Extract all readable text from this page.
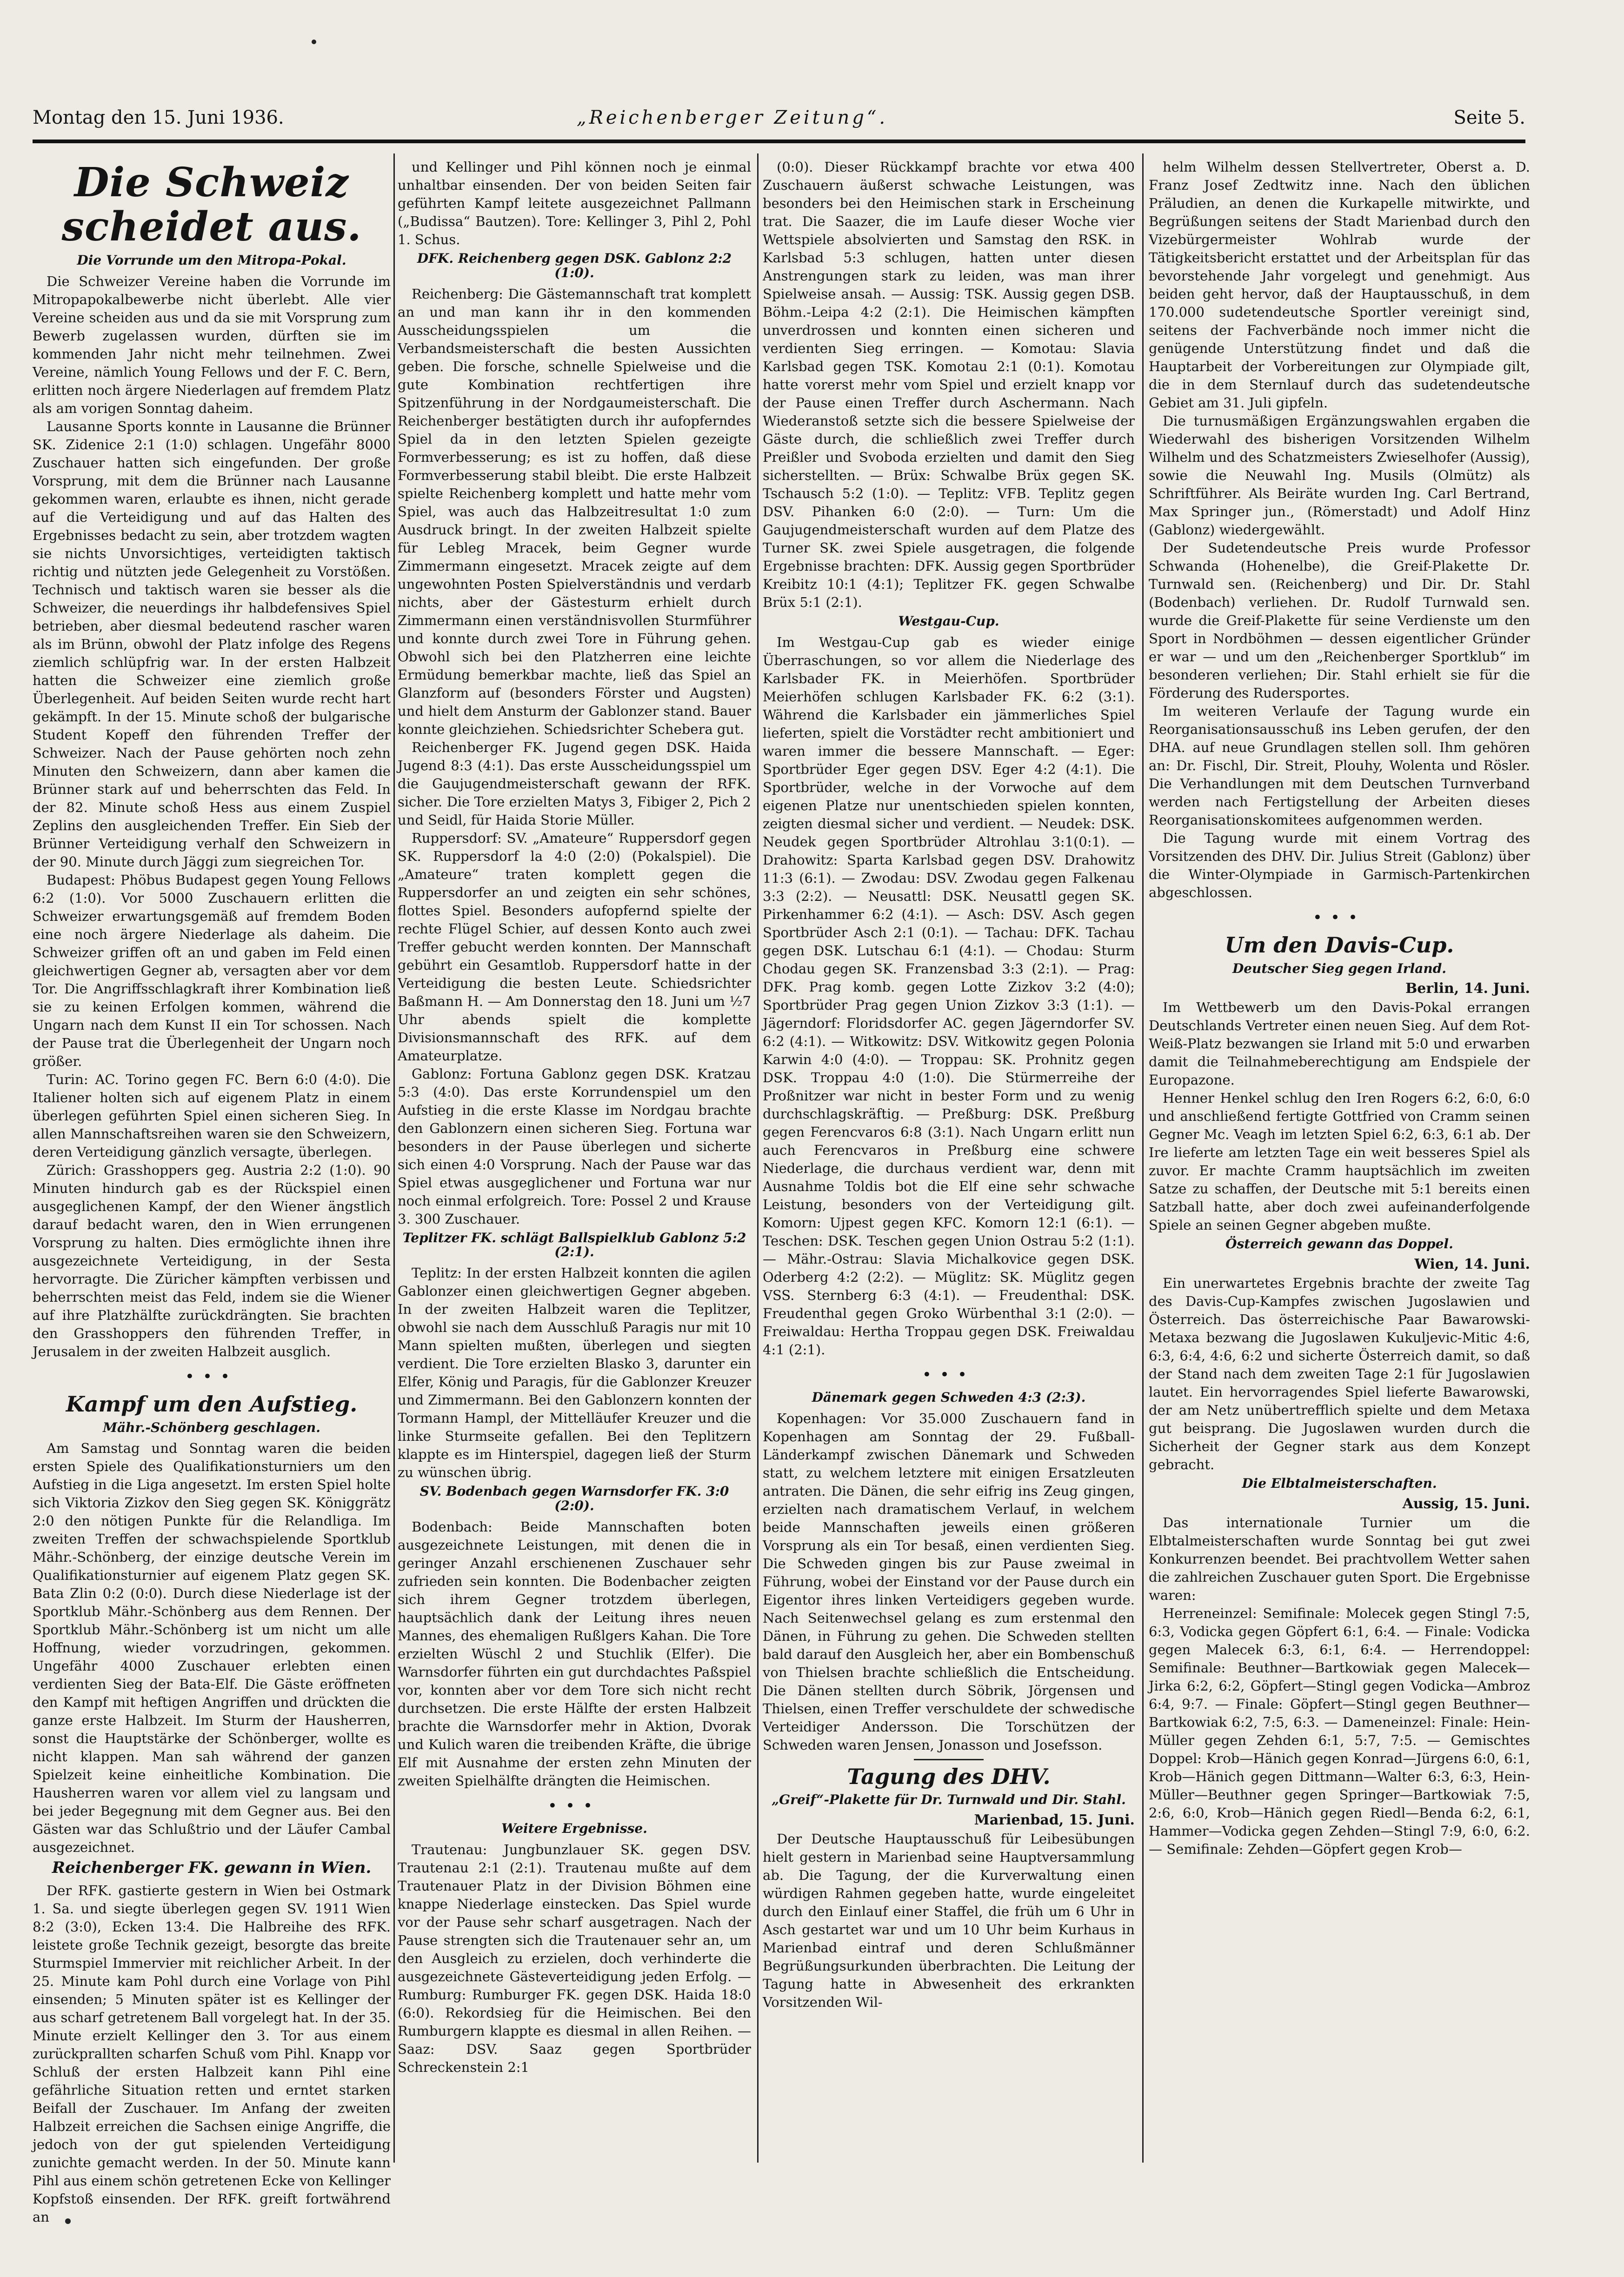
Montag den 15. Juni 1936.	„Reichenberger Zeitung“.	Seite 5.
Die Schweiz scheidet aus.
Die Vorrunde um den Mitropa-Pokal.

Die Schweizer Vereine haben die Vorrunde im Mitropapokalbewerbe nicht überlebt. Alle vier Vereine scheiden aus und da sie mit Vorsprung zum Bewerb zugelassen wurden, dürften sie im kommenden Jahr nicht mehr teilnehmen. Zwei Vereine, nämlich Young Fellows und der F. C. Bern, erlitten noch ärgere Niederlagen auf fremdem Platz als am vorigen Sonntag daheim.

Lausanne Sports konnte in Lausanne die Brünner SK. Zidenice 2:1 (1:0) schlagen. Ungefähr 8000 Zuschauer hatten sich eingefunden. Der große Vorsprung, mit dem die Brünner nach Lausanne gekommen waren, erlaubte es ihnen, nicht gerade auf die Verteidigung und auf das Halten des Ergebnisses bedacht zu sein, aber trotzdem wagten sie nichts Unvorsichtiges, verteidigten taktisch richtig und nützten jede Gelegenheit zu Vorstößen. Technisch und taktisch waren sie besser als die Schweizer, die neuerdings ihr halbdefensives Spiel betrieben, aber diesmal bedeutend rascher waren als im Brünn, obwohl der Platz infolge des Regens ziemlich schlüpfrig war. In der ersten Halbzeit hatten die Schweizer eine ziemlich große Überlegenheit. Auf beiden Seiten wurde recht hart gekämpft. In der 15. Minute schoß der bulgarische Student Kopeff den führenden Treffer der Schweizer. Nach der Pause gehörten noch zehn Minuten den Schweizern, dann aber kamen die Brünner stark auf und beherrschten das Feld. In der 82. Minute schoß Hess aus einem Zuspiel Zeplins den ausgleichenden Treffer. Ein Sieb der Brünner Verteidigung verhalf den Schweizern in der 90. Minute durch Jäggi zum siegreichen Tor.

Budapest: Phöbus Budapest gegen Young Fellows 6:2 (1:0). Vor 5000 Zuschauern erlitten die Schweizer erwartungsgemäß auf fremdem Boden eine noch ärgere Niederlage als daheim. Die Schweizer griffen oft an und gaben im Feld einen gleichwertigen Gegner ab, versagten aber vor dem Tor. Die Angriffsschlagkraft ihrer Kombination ließ sie zu keinen Erfolgen kommen, während die Ungarn nach dem Kunst II ein Tor schossen. Nach der Pause trat die Überlegenheit der Ungarn noch größer.

Turin: AC. Torino gegen FC. Bern 6:0 (4:0). Die Italiener holten sich auf eigenem Platz in einem überlegen geführten Spiel einen sicheren Sieg. In allen Mannschaftsreihen waren sie den Schweizern, deren Verteidigung gänzlich versagte, überlegen.

Zürich: Grasshoppers geg. Austria 2:2 (1:0). 90 Minuten hindurch gab es der Rückspiel einen ausgeglichenen Kampf, der den Wiener ängstlich darauf bedacht waren, den in Wien errungenen Vorsprung zu halten. Dies ermöglichte ihnen ihre ausgezeichnete Verteidigung, in der Sesta hervorragte. Die Züricher kämpften verbissen und beherrschten meist das Feld, indem sie die Wiener auf ihre Platzhälfte zurückdrängten. Sie brachten den Grasshoppers den führenden Treffer, in Jerusalem in der zweiten Halbzeit ausglich.

•••
Kampf um den Aufstieg.
Mähr.-Schönberg geschlagen.

Am Samstag und Sonntag waren die beiden ersten Spiele des Qualifikationsturniers um den Aufstieg in die Liga angesetzt. Im ersten Spiel holte sich Viktoria Zizkov den Sieg gegen SK. Königgrätz 2:0 den nötigen Punkte für die Relandliga. Im zweiten Treffen der schwachspielende Sportklub Mähr.-Schönberg, der einzige deutsche Verein im Qualifikationsturnier auf eigenem Platz gegen SK. Bata Zlin 0:2 (0:0). Durch diese Niederlage ist der Sportklub Mähr.-Schönberg aus dem Rennen. Der Sportklub Mähr.-Schönberg ist um nicht um alle Hoffnung, wieder vorzudringen, gekommen. Ungefähr 4000 Zuschauer erlebten einen verdienten Sieg der Bata-Elf. Die Gäste eröffneten den Kampf mit heftigen Angriffen und drückten die ganze erste Halbzeit. Im Sturm der Hausherren, sonst die Hauptstärke der Schönberger, wollte es nicht klappen. Man sah während der ganzen Spielzeit keine einheitliche Kombination. Die Hausherren waren vor allem viel zu langsam und bei jeder Begegnung mit dem Gegner aus. Bei den Gästen war das Schlußtrio und der Läufer Cambal ausgezeichnet.

Reichenberger FK. gewann in Wien.

Der RFK. gastierte gestern in Wien bei Ostmark 1. Sa. und siegte überlegen gegen SV. 1911 Wien 8:2 (3:0), Ecken 13:4. Die Halbreihe des RFK. leistete große Technik gezeigt, besorgte das breite Sturmspiel Immervier mit reichlicher Arbeit. In der 25. Minute kam Pohl durch eine Vorlage von Pihl einsenden; 5 Minuten später ist es Kellinger der aus scharf getretenem Ball vorgelegt hat. In der 35. Minute erzielt Kellinger den 3. Tor aus einem zurückprallten scharfen Schuß vom Pihl. Knapp vor Schluß der ersten Halbzeit kann Pihl eine gefährliche Situation retten und erntet starken Beifall der Zuschauer. Im Anfang der zweiten Halbzeit erreichen die Sachsen einige Angriffe, die jedoch von der gut spielenden Verteidigung zunichte gemacht werden. In der 50. Minute kann Pihl aus einem schön getretenen Ecke von Kellinger Kopfstoß einsenden. Der RFK. greift fortwährend an

und Kellinger und Pihl können noch je einmal unhaltbar einsenden. Der von beiden Seiten fair geführten Kampf leitete ausgezeichnet Pallmann („Budissa“ Bautzen). Tore: Kellinger 3, Pihl 2, Pohl 1. Schus.

DFK. Reichenberg gegen DSK. Gablonz 2:2 (1:0).

Reichenberg: Die Gästemannschaft trat komplett an und man kann ihr in den kommenden Ausscheidungsspielen um die Verbandsmeisterschaft die besten Aussichten geben. Die forsche, schnelle Spielweise und die gute Kombination rechtfertigen ihre Spitzenführung in der Nordgaumeisterschaft. Die Reichenberger bestätigten durch ihr aufopferndes Spiel da in den letzten Spielen gezeigte Formverbesserung; es ist zu hoffen, daß diese Formverbesserung stabil bleibt. Die erste Halbzeit spielte Reichenberg komplett und hatte mehr vom Spiel, was auch das Halbzeitresultat 1:0 zum Ausdruck bringt. In der zweiten Halbzeit spielte für Lebleg Mracek, beim Gegner wurde Zimmermann eingesetzt. Mracek zeigte auf dem ungewohnten Posten Spielverständnis und verdarb nichts, aber der Gästesturm erhielt durch Zimmermann einen verständnisvollen Sturmführer und konnte durch zwei Tore in Führung gehen. Obwohl sich bei den Platzherren eine leichte Ermüdung bemerkbar machte, ließ das Spiel an Glanzform auf (besonders Förster und Augsten) und hielt dem Ansturm der Gablonzer stand. Bauer konnte gleichziehen. Schiedsrichter Schebera gut.

Reichenberger FK. Jugend gegen DSK. Haida Jugend 8:3 (4:1). Das erste Ausscheidungsspiel um die Gaujugendmeisterschaft gewann der RFK. sicher. Die Tore erzielten Matys 3, Fibiger 2, Pich 2 und Seidl, für Haida Storie Müller.

Ruppersdorf: SV. „Amateure“ Ruppersdorf gegen SK. Ruppersdorf la 4:0 (2:0) (Pokalspiel). Die „Amateure“ traten komplett gegen die Ruppersdorfer an und zeigten ein sehr schönes, flottes Spiel. Besonders aufopfernd spielte der rechte Flügel Schier, auf dessen Konto auch zwei Treffer gebucht werden konnten. Der Mannschaft gebührt ein Gesamtlob. Ruppersdorf hatte in der Verteidigung die besten Leute. Schiedsrichter Baßmann H. — Am Donnerstag den 18. Juni um ½7 Uhr abends spielt die komplette Divisionsmannschaft des RFK. auf dem Amateurplatze.

Gablonz: Fortuna Gablonz gegen DSK. Kratzau 5:3 (4:0). Das erste Korrundenspiel um den Aufstieg in die erste Klasse im Nordgau brachte den Gablonzern einen sicheren Sieg. Fortuna war besonders in der Pause überlegen und sicherte sich einen 4:0 Vorsprung. Nach der Pause war das Spiel etwas ausgeglichener und Fortuna war nur noch einmal erfolgreich. Tore: Possel 2 und Krause 3. 300 Zuschauer.

Teplitzer FK. schlägt Ballspielklub Gablonz 5:2 (2:1).

Teplitz: In der ersten Halbzeit konnten die agilen Gablonzer einen gleichwertigen Gegner abgeben. In der zweiten Halbzeit waren die Teplitzer, obwohl sie nach dem Ausschluß Paragis nur mit 10 Mann spielten mußten, überlegen und siegten verdient. Die Tore erzielten Blasko 3, darunter ein Elfer, König und Paragis, für die Gablonzer Kreuzer und Zimmermann. Bei den Gablonzern konnten der Tormann Hampl, der Mittelläufer Kreuzer und die linke Sturmseite gefallen. Bei den Teplitzern klappte es im Hinterspiel, dagegen ließ der Sturm zu wünschen übrig.

SV. Bodenbach gegen Warnsdorfer FK. 3:0 (2:0).

Bodenbach: Beide Mannschaften boten ausgezeichnete Leistungen, mit denen die in geringer Anzahl erschienenen Zuschauer sehr zufrieden sein konnten. Die Bodenbacher zeigten sich ihrem Gegner trotzdem überlegen, hauptsächlich dank der Leitung ihres neuen Mannes, des ehemaligen Rußlgers Kahan. Die Tore erzielten Wüschl 2 und Stuchlik (Elfer). Die Warnsdorfer führten ein gut durchdachtes Paßspiel vor, konnten aber vor dem Tore sich nicht recht durchsetzen. Die erste Hälfte der ersten Halbzeit brachte die Warnsdorfer mehr in Aktion, Dvorak und Kulich waren die treibenden Kräfte, die übrige Elf mit Ausnahme der ersten zehn Minuten der zweiten Spielhälfte drängten die Heimischen.

•••
Weitere Ergebnisse.

Trautenau: Jungbunzlauer SK. gegen DSV. Trautenau 2:1 (2:1). Trautenau mußte auf dem Trautenauer Platz in der Division Böhmen eine knappe Niederlage einstecken. Das Spiel wurde vor der Pause sehr scharf ausgetragen. Nach der Pause strengten sich die Trautenauer sehr an, um den Ausgleich zu erzielen, doch verhinderte die ausgezeichnete Gästeverteidigung jeden Erfolg. — Rumburg: Rumburger FK. gegen DSK. Haida 18:0 (6:0). Rekordsieg für die Heimischen. Bei den Rumburgern klappte es diesmal in allen Reihen. — Saaz: DSV. Saaz gegen Sportbrüder Schreckenstein 2:1

(0:0). Dieser Rückkampf brachte vor etwa 400 Zuschauern äußerst schwache Leistungen, was besonders bei den Heimischen stark in Erscheinung trat. Die Saazer, die im Laufe dieser Woche vier Wettspiele absolvierten und Samstag den RSK. in Karlsbad 5:3 schlugen, hatten unter diesen Anstrengungen stark zu leiden, was man ihrer Spielweise ansah. — Aussig: TSK. Aussig gegen DSB. Böhm.-Leipa 4:2 (2:1). Die Heimischen kämpften unverdrossen und konnten einen sicheren und verdienten Sieg erringen. — Komotau: Slavia Karlsbad gegen TSK. Komotau 2:1 (0:1). Komotau hatte vorerst mehr vom Spiel und erzielt knapp vor der Pause einen Treffer durch Aschermann. Nach Wiederanstoß setzte sich die bessere Spielweise der Gäste durch, die schließlich zwei Treffer durch Preißler und Svoboda erzielten und damit den Sieg sicherstellten. — Brüx: Schwalbe Brüx gegen SK. Tschausch 5:2 (1:0). — Teplitz: VFB. Teplitz gegen DSV. Pihanken 6:0 (2:0). — Turn: Um die Gaujugendmeisterschaft wurden auf dem Platze des Turner SK. zwei Spiele ausgetragen, die folgende Ergebnisse brachten: DFK. Aussig gegen Sportbrüder Kreibitz 10:1 (4:1); Teplitzer FK. gegen Schwalbe Brüx 5:1 (2:1).

Westgau-Cup.

Im Westgau-Cup gab es wieder einige Überraschungen, so vor allem die Niederlage des Karlsbader FK. in Meierhöfen. Sportbrüder Meierhöfen schlugen Karlsbader FK. 6:2 (3:1). Während die Karlsbader ein jämmerliches Spiel lieferten, spielt die Vorstädter recht ambitioniert und waren immer die bessere Mannschaft. — Eger: Sportbrüder Eger gegen DSV. Eger 4:2 (4:1). Die Sportbrüder, welche in der Vorwoche auf dem eigenen Platze nur unentschieden spielen konnten, zeigten diesmal sicher und verdient. — Neudek: DSK. Neudek gegen Sportbrüder Altrohlau 3:1(0:1). — Drahowitz: Sparta Karlsbad gegen DSV. Drahowitz 11:3 (6:1). — Zwodau: DSV. Zwodau gegen Falkenau 3:3 (2:2). — Neusattl: DSK. Neusattl gegen SK. Pirkenhammer 6:2 (4:1). — Asch: DSV. Asch gegen Sportbrüder Asch 2:1 (0:1). — Tachau: DFK. Tachau gegen DSK. Lutschau 6:1 (4:1). — Chodau: Sturm Chodau gegen SK. Franzensbad 3:3 (2:1). — Prag: DFK. Prag komb. gegen Lotte Zizkov 3:2 (4:0); Sportbrüder Prag gegen Union Zizkov 3:3 (1:1). — Jägerndorf: Floridsdorfer AC. gegen Jägerndorfer SV. 6:2 (4:1). — Witkowitz: DSV. Witkowitz gegen Polonia Karwin 4:0 (4:0). — Troppau: SK. Prohnitz gegen DSK. Troppau 4:0 (1:0). Die Stürmerreihe der Proßnitzer war nicht in bester Form und zu wenig durchschlagskräftig. — Preßburg: DSK. Preßburg gegen Ferencvaros 6:8 (3:1). Nach Ungarn erlitt nun auch Ferencvaros in Preßburg eine schwere Niederlage, die durchaus verdient war, denn mit Ausnahme Toldis bot die Elf eine sehr schwache Leistung, besonders von der Verteidigung gilt. Komorn: Ujpest gegen KFC. Komorn 12:1 (6:1). — Teschen: DSK. Teschen gegen Union Ostrau 5:2 (1:1). — Mähr.-Ostrau: Slavia Michalkovice gegen DSK. Oderberg 4:2 (2:2). — Müglitz: SK. Müglitz gegen VSS. Sternberg 6:3 (4:1). — Freudenthal: DSK. Freudenthal gegen Groko Würbenthal 3:1 (2:0). — Freiwaldau: Hertha Troppau gegen DSK. Freiwaldau 4:1 (2:1).

•••
Dänemark gegen Schweden 4:3 (2:3).

Kopenhagen: Vor 35.000 Zuschauern fand in Kopenhagen am Sonntag der 29. Fußball-Länderkampf zwischen Dänemark und Schweden statt, zu welchem letztere mit einigen Ersatzleuten antraten. Die Dänen, die sehr eifrig ins Zeug gingen, erzielten nach dramatischem Verlauf, in welchem beide Mannschaften jeweils einen größeren Vorsprung als ein Tor besaß, einen verdienten Sieg. Die Schweden gingen bis zur Pause zweimal in Führung, wobei der Einstand vor der Pause durch ein Eigentor ihres linken Verteidigers gegeben wurde. Nach Seitenwechsel gelang es zum erstenmal den Dänen, in Führung zu gehen. Die Schweden stellten bald darauf den Ausgleich her, aber ein Bombenschuß von Thielsen brachte schließlich die Entscheidung. Die Dänen stellten durch Söbrik, Jörgensen und Thielsen, einen Treffer verschuldete der schwedische Verteidiger Andersson. Die Torschützen der Schweden waren Jensen, Jonasson und Josefsson.

Tagung des DHV.
„Greif“-Plakette für Dr. Turnwald und Dir. Stahl.
Marienbad, 15. Juni.

Der Deutsche Hauptausschuß für Leibesübungen hielt gestern in Marienbad seine Hauptversammlung ab. Die Tagung, der die Kurverwaltung einen würdigen Rahmen gegeben hatte, wurde eingeleitet durch den Einlauf einer Staffel, die früh um 6 Uhr in Asch gestartet war und um 10 Uhr beim Kurhaus in Marienbad eintraf und deren Schlußmänner Begrüßungsurkunden überbrachten. Die Leitung der Tagung hatte in Abwesenheit des erkrankten Vorsitzenden Wil-

helm Wilhelm dessen Stellvertreter, Oberst a. D. Franz Josef Zedtwitz inne. Nach den üblichen Präludien, an denen die Kurkapelle mitwirkte, und Begrüßungen seitens der Stadt Marienbad durch den Vizebürgermeister Wohlrab wurde der Tätigkeitsbericht erstattet und der Arbeitsplan für das bevorstehende Jahr vorgelegt und genehmigt. Aus beiden geht hervor, daß der Hauptausschuß, in dem 170.000 sudetendeutsche Sportler vereinigt sind, seitens der Fachverbände noch immer nicht die genügende Unterstützung findet und daß die Hauptarbeit der Vorbereitungen zur Olympiade gilt, die in dem Sternlauf durch das sudetendeutsche Gebiet am 31. Juli gipfeln.

Die turnusmäßigen Ergänzungswahlen ergaben die Wiederwahl des bisherigen Vorsitzenden Wilhelm Wilhelm und des Schatzmeisters Zwieselhofer (Aussig), sowie die Neuwahl Ing. Musils (Olmütz) als Schriftführer. Als Beiräte wurden Ing. Carl Bertrand, Max Springer jun., (Römerstadt) und Adolf Hinz (Gablonz) wiedergewählt.

Der Sudetendeutsche Preis wurde Professor Schwanda (Hohenelbe), die Greif-Plakette Dr. Turnwald sen. (Reichenberg) und Dir. Dr. Stahl (Bodenbach) verliehen. Dr. Rudolf Turnwald sen. wurde die Greif-Plakette für seine Verdienste um den Sport in Nordböhmen — dessen eigentlicher Gründer er war — und um den „Reichenberger Sportklub“ im besonderen verliehen; Dir. Stahl erhielt sie für die Förderung des Rudersportes.

Im weiteren Verlaufe der Tagung wurde ein Reorganisationsausschuß ins Leben gerufen, der den DHA. auf neue Grundlagen stellen soll. Ihm gehören an: Dr. Fischl, Dir. Streit, Plouhy, Wolenta und Rösler. Die Verhandlungen mit dem Deutschen Turnverband werden nach Fertigstellung der Arbeiten dieses Reorganisationskomitees aufgenommen werden.

Die Tagung wurde mit einem Vortrag des Vorsitzenden des DHV. Dir. Julius Streit (Gablonz) über die Winter-Olympiade in Garmisch-Partenkirchen abgeschlossen.

•••
Um den Davis-Cup.
Deutscher Sieg gegen Irland.
Berlin, 14. Juni.

Im Wettbewerb um den Davis-Pokal errangen Deutschlands Vertreter einen neuen Sieg. Auf dem Rot-Weiß-Platz bezwangen sie Irland mit 5:0 und erwarben damit die Teilnahmeberechtigung am Endspiele der Europazone.

Henner Henkel schlug den Iren Rogers 6:2, 6:0, 6:0 und anschließend fertigte Gottfried von Cramm seinen Gegner Mc. Veagh im letzten Spiel 6:2, 6:3, 6:1 ab. Der Ire lieferte am letzten Tage ein weit besseres Spiel als zuvor. Er machte Cramm hauptsächlich im zweiten Satze zu schaffen, der Deutsche mit 5:1 bereits einen Satzball hatte, aber doch zwei aufeinanderfolgende Spiele an seinen Gegner abgeben mußte.

Österreich gewann das Doppel.
Wien, 14. Juni.

Ein unerwartetes Ergebnis brachte der zweite Tag des Davis-Cup-Kampfes zwischen Jugoslawien und Österreich. Das österreichische Paar Bawarowski-Metaxa bezwang die Jugoslawen Kukuljevic-Mitic 4:6, 6:3, 6:4, 4:6, 6:2 und sicherte Österreich damit, so daß der Stand nach dem zweiten Tage 2:1 für Jugoslawien lautet. Ein hervorragendes Spiel lieferte Bawarowski, der am Netz unübertrefflich spielte und dem Metaxa gut beisprang. Die Jugoslawen wurden durch die Sicherheit der Gegner stark aus dem Konzept gebracht.

Die Elbtalmeisterschaften.
Aussig, 15. Juni.

Das internationale Turnier um die Elbtalmeisterschaften wurde Sonntag bei gut zwei Konkurrenzen beendet. Bei prachtvollem Wetter sahen die zahlreichen Zuschauer guten Sport. Die Ergebnisse waren:

Herreneinzel: Semifinale: Molecek gegen Stingl 7:5, 6:3, Vodicka gegen Göpfert 6:1, 6:4. — Finale: Vodicka gegen Malecek 6:3, 6:1, 6:4. — Herrendoppel: Semifinale: Beuthner—Bartkowiak gegen Malecek—Jirka 6:2, 6:2, Göpfert—Stingl gegen Vodicka—Ambroz 6:4, 9:7. — Finale: Göpfert—Stingl gegen Beuthner—Bartkowiak 6:2, 7:5, 6:3. — Dameneinzel: Finale: Hein-Müller gegen Zehden 6:1, 5:7, 7:5. — Gemischtes Doppel: Krob—Hänich gegen Konrad—Jürgens 6:0, 6:1, Krob—Hänich gegen Dittmann—Walter 6:3, 6:3, Hein-Müller—Beuthner gegen Springer—Bartkowiak 7:5, 2:6, 6:0, Krob—Hänich gegen Riedl—Benda 6:2, 6:1, Hammer—Vodicka gegen Zehden—Stingl 7:9, 6:0, 6:2. — Semifinale: Zehden—Göpfert gegen Krob—
